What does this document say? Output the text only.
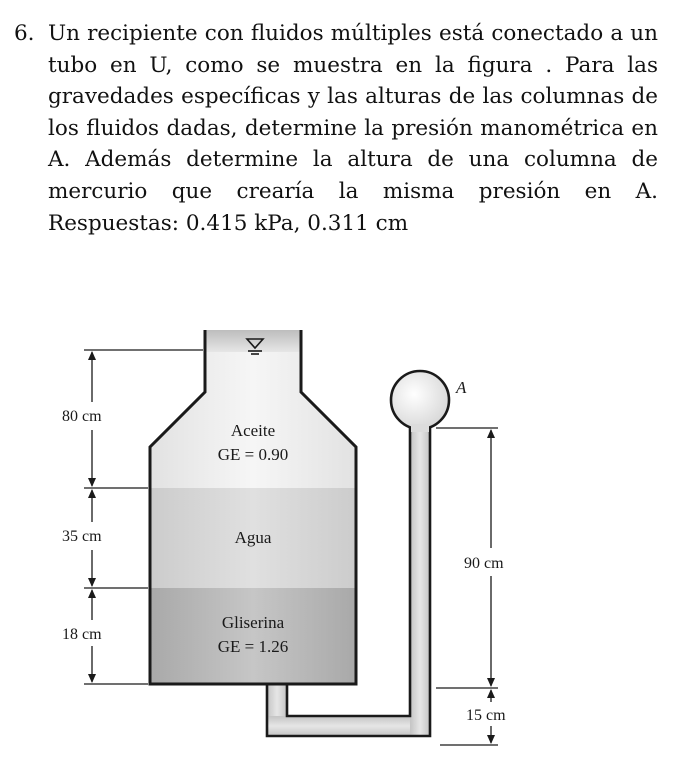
6. Un recipiente con fluidos múltiples está conectado a un tubo en U, como se muestra en la figura . Para las gravedades específicas y las alturas de las columnas de los fluidos dadas, determine la presión manométrica en A. Además determine la altura de una columna de mercurio que crearía la misma presión en A. Respuestas: 0.415 kPa, 0.311 cm
A
Aceite
GE = 0.90
Agua
Gliserina
GE = 1.26
80 cm
35 cm
18 cm
90 cm
15 cm
